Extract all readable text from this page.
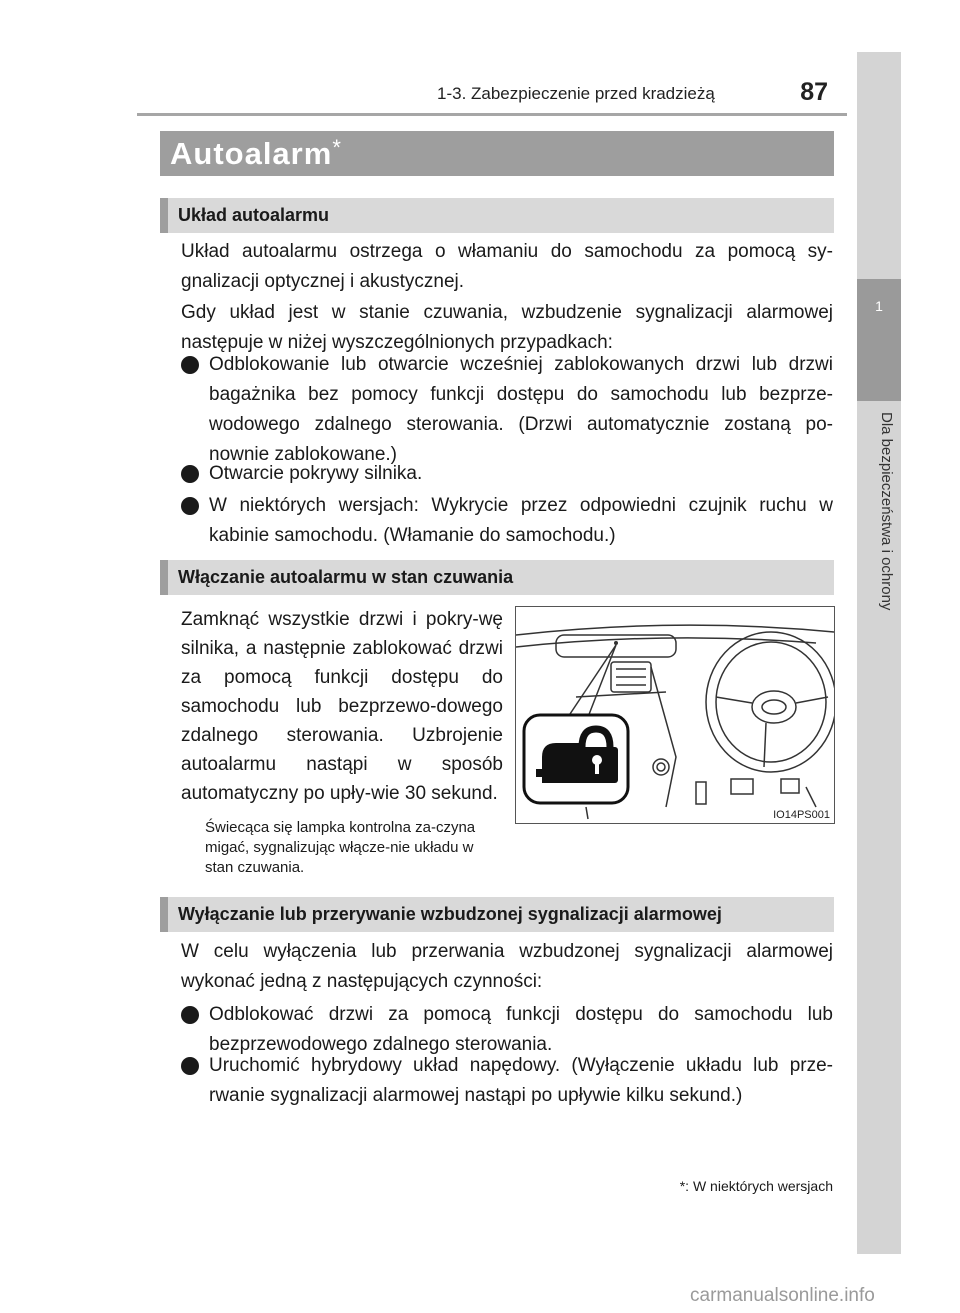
1-3. Zabezpieczenie przed kradzieżą	87
1
Dla bezpieczeństwa i ochrony
Autoalarm*
Układ autoalarmu
Układ autoalarmu ostrzega o włamaniu do samochodu za pomocą sy-gnalizacji optycznej i akustycznej.
Gdy układ jest w stanie czuwania, wzbudzenie sygnalizacji alarmowej następuje w niżej wyszczególnionych przypadkach:
Odblokowanie lub otwarcie wcześniej zablokowanych drzwi lub drzwi bagażnika bez pomocy funkcji dostępu do samochodu lub bezprze-wodowego zdalnego sterowania. (Drzwi automatycznie zostaną po-nownie zablokowane.)
Otwarcie pokrywy silnika.
W niektórych wersjach: Wykrycie przez odpowiedni czujnik ruchu w kabinie samochodu. (Włamanie do samochodu.)
Włączanie autoalarmu w stan czuwania
Zamknąć wszystkie drzwi i pokry-wę silnika, a następnie zablokować drzwi za pomocą funkcji dostępu do samochodu lub bezprzewo-dowego zdalnego sterowania. Uzbrojenie autoalarmu nastąpi w sposób automatyczny po upły-wie 30 sekund.
Świecąca się lampka kontrolna za-czyna migać, sygnalizując włącze-nie układu w stan czuwania.
IO14PS001
Wyłączanie lub przerywanie wzbudzonej sygnalizacji alarmowej
W celu wyłączenia lub przerwania wzbudzonej sygnalizacji alarmowej wykonać jedną z następujących czynności:
Odblokować drzwi za pomocą funkcji dostępu do samochodu lub bezprzewodowego zdalnego sterowania.
Uruchomić hybrydowy układ napędowy. (Wyłączenie układu lub prze-rwanie sygnalizacji alarmowej nastąpi po upływie kilku sekund.)
*: W niektórych wersjach
carmanualsonline.info
